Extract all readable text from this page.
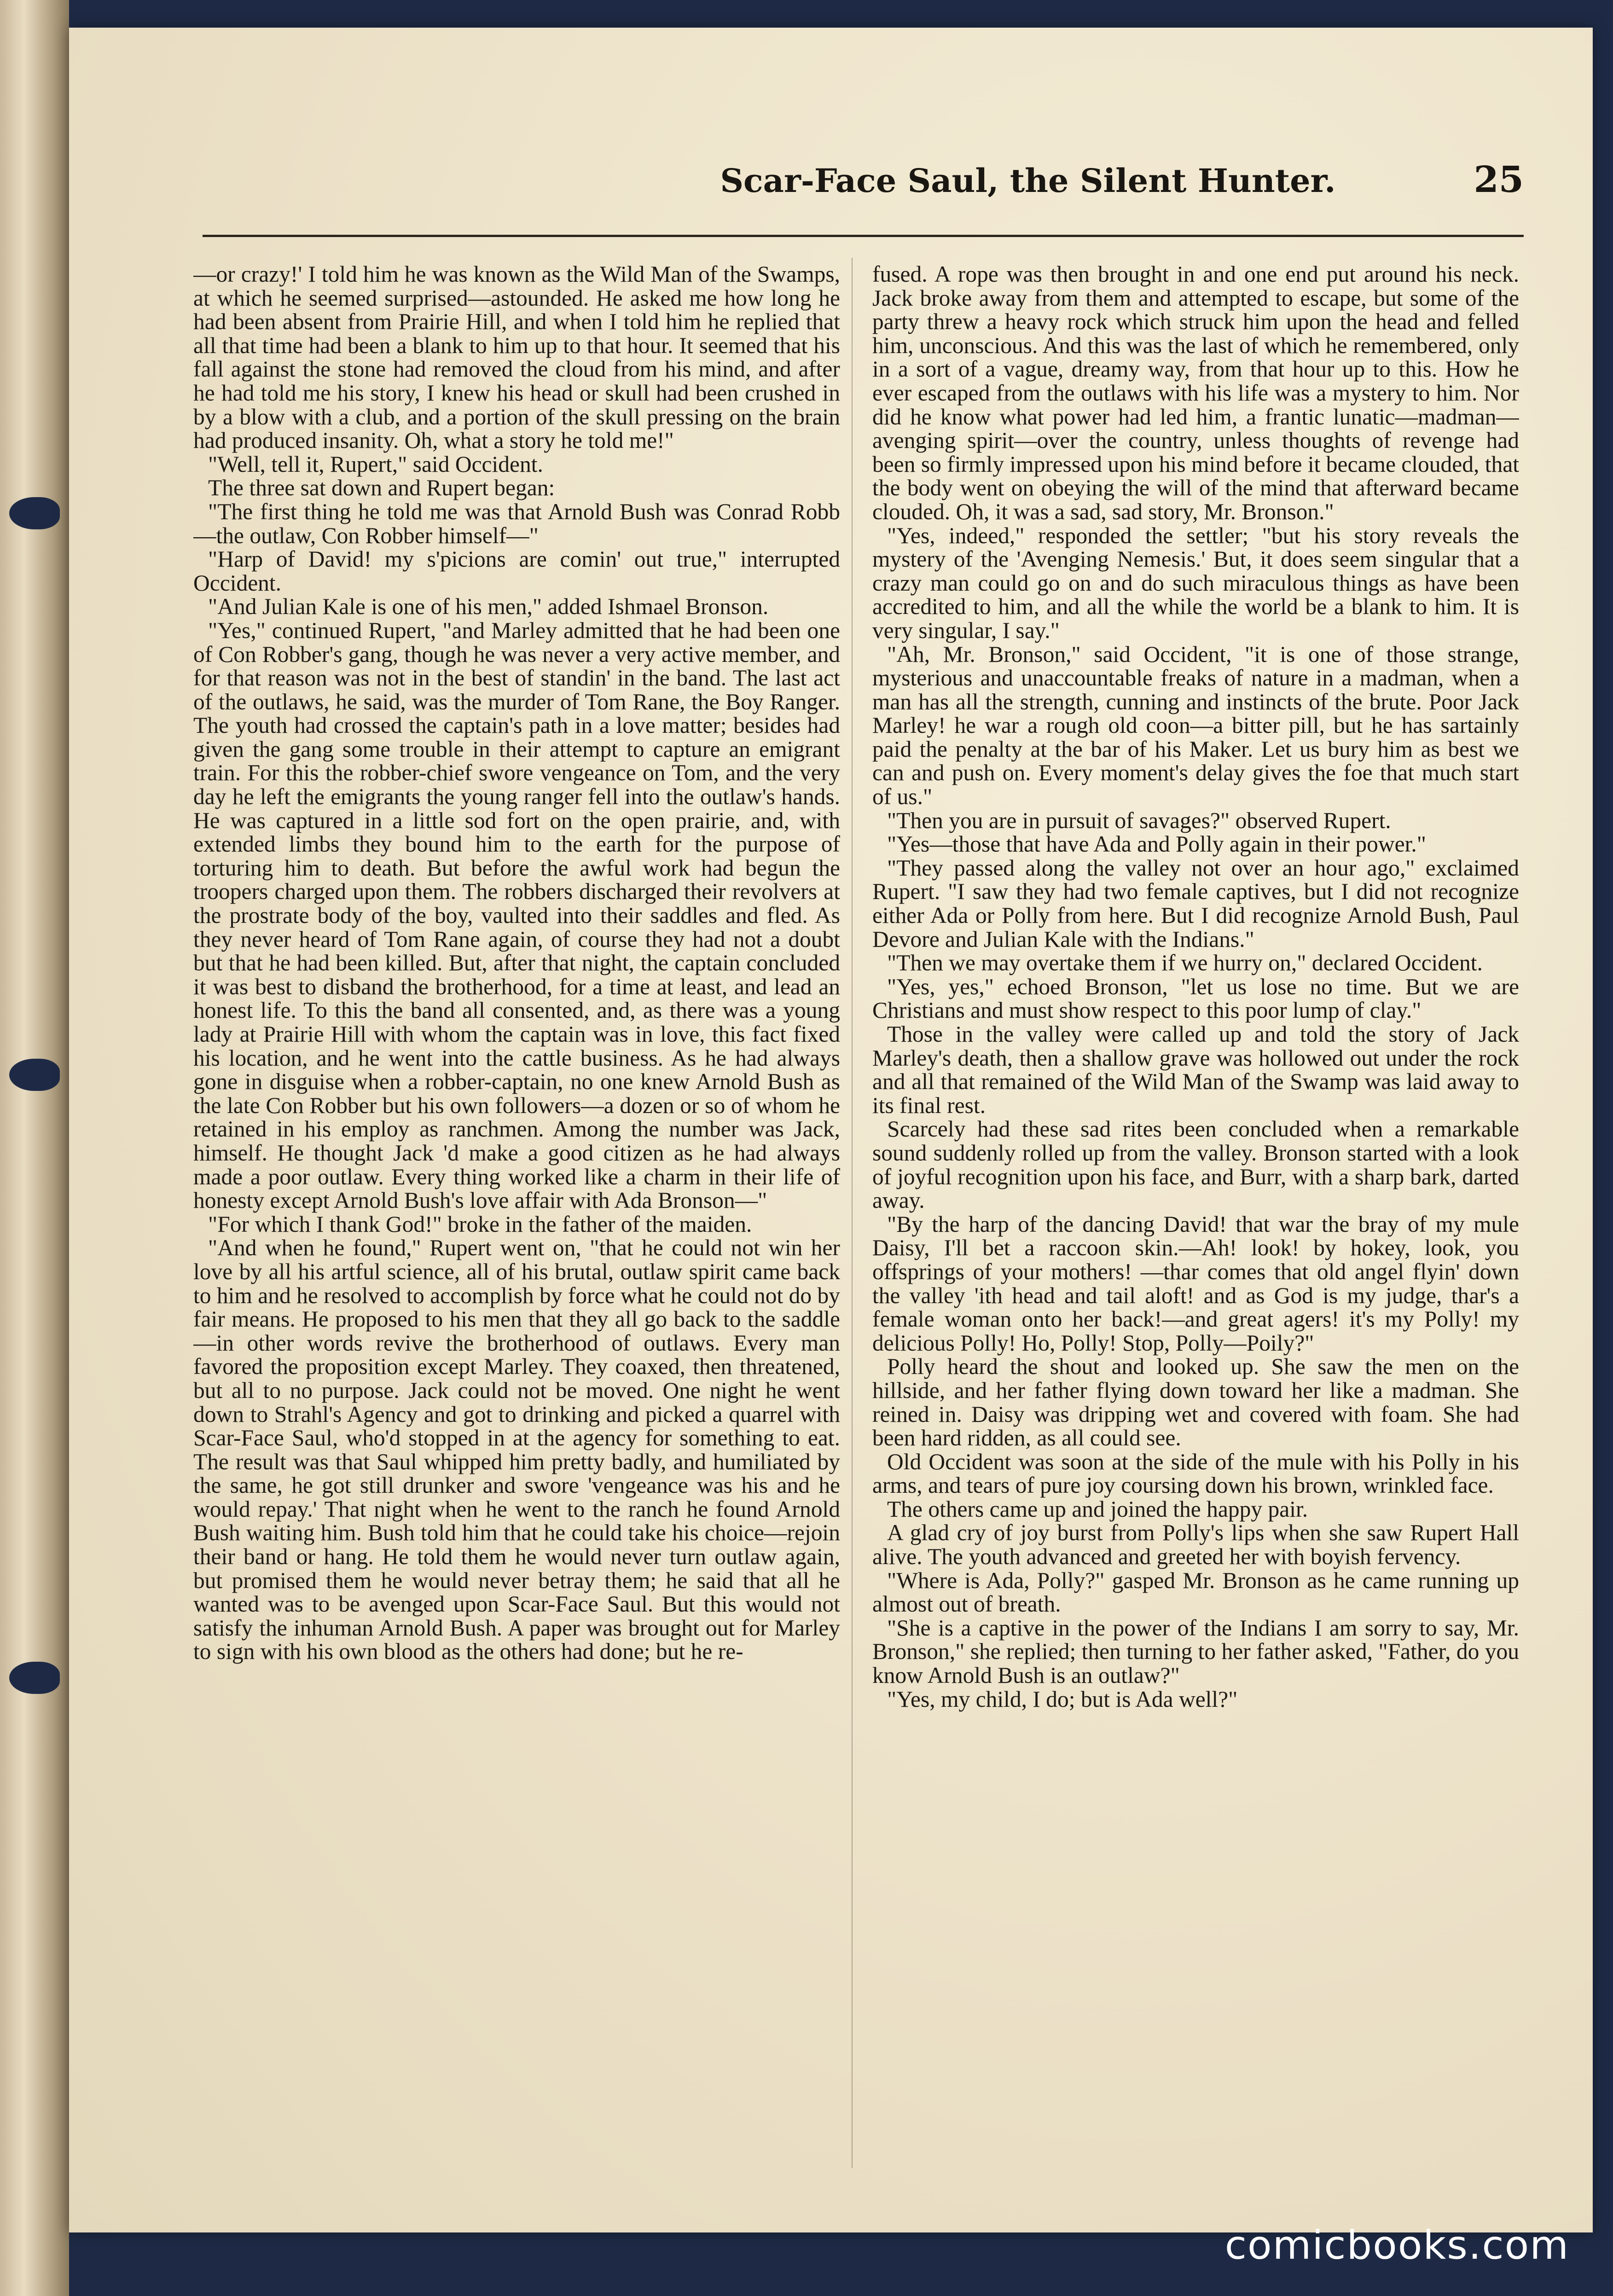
Scar-Face Saul, the Silent Hunter.	25

—or crazy!' I told him he was known as the Wild Man of the Swamps, at which he seemed surprised—astounded. He asked me how long he had been absent from Prairie Hill, and when I told him he replied that all that time had been a blank to him up to that hour. It seemed that his fall against the stone had removed the cloud from his mind, and after he had told me his story, I knew his head or skull had been crushed in by a blow with a club, and a portion of the skull pressing on the brain had produced insanity. Oh, what a story he told me!"

"Well, tell it, Rupert," said Occident.

The three sat down and Rupert began:

"The first thing he told me was that Arnold Bush was Conrad Robb—the outlaw, Con Robber himself—"

"Harp of David! my s'picions are comin' out true," interrupted Occident.

"And Julian Kale is one of his men," added Ishmael Bronson.

"Yes," continued Rupert, "and Marley admitted that he had been one of Con Robber's gang, though he was never a very active member, and for that reason was not in the best of standin' in the band. The last act of the outlaws, he said, was the murder of Tom Rane, the Boy Ranger. The youth had crossed the captain's path in a love matter; besides had given the gang some trouble in their attempt to capture an emigrant train. For this the robber-chief swore vengeance on Tom, and the very day he left the emigrants the young ranger fell into the outlaw's hands. He was captured in a little sod fort on the open prairie, and, with extended limbs they bound him to the earth for the purpose of torturing him to death. But before the awful work had begun the troopers charged upon them. The robbers discharged their revolvers at the prostrate body of the boy, vaulted into their saddles and fled. As they never heard of Tom Rane again, of course they had not a doubt but that he had been killed. But, after that night, the captain concluded it was best to disband the brotherhood, for a time at least, and lead an honest life. To this the band all consented, and, as there was a young lady at Prairie Hill with whom the captain was in love, this fact fixed his location, and he went into the cattle business. As he had always gone in disguise when a robber-captain, no one knew Arnold Bush as the late Con Robber but his own followers—a dozen or so of whom he retained in his employ as ranchmen. Among the number was Jack, himself. He thought Jack 'd make a good citizen as he had always made a poor outlaw. Every thing worked like a charm in their life of honesty except Arnold Bush's love affair with Ada Bronson—"

"For which I thank God!" broke in the father of the maiden.

"And when he found," Rupert went on, "that he could not win her love by all his artful science, all of his brutal, outlaw spirit came back to him and he resolved to accomplish by force what he could not do by fair means. He proposed to his men that they all go back to the saddle—in other words revive the brotherhood of outlaws. Every man favored the proposition except Marley. They coaxed, then threatened, but all to no purpose. Jack could not be moved. One night he went down to Strahl's Agency and got to drinking and picked a quarrel with Scar-Face Saul, who'd stopped in at the agency for something to eat. The result was that Saul whipped him pretty badly, and humiliated by the same, he got still drunker and swore 'vengeance was his and he would repay.' That night when he went to the ranch he found Arnold Bush waiting him. Bush told him that he could take his choice—rejoin their band or hang. He told them he would never turn outlaw again, but promised them he would never betray them; he said that all he wanted was to be avenged upon Scar-Face Saul. But this would not satisfy the inhuman Arnold Bush. A paper was brought out for Marley to sign with his own blood as the others had done; but he re-

fused. A rope was then brought in and one end put around his neck. Jack broke away from them and attempted to escape, but some of the party threw a heavy rock which struck him upon the head and felled him, unconscious. And this was the last of which he remembered, only in a sort of a vague, dreamy way, from that hour up to this. How he ever escaped from the outlaws with his life was a mystery to him. Nor did he know what power had led him, a frantic lunatic—madman—avenging spirit—over the country, unless thoughts of revenge had been so firmly impressed upon his mind before it became clouded, that the body went on obeying the will of the mind that afterward became clouded. Oh, it was a sad, sad story, Mr. Bronson."

"Yes, indeed," responded the settler; "but his story reveals the mystery of the 'Avenging Nemesis.' But, it does seem singular that a crazy man could go on and do such miraculous things as have been accredited to him, and all the while the world be a blank to him. It is very singular, I say."

"Ah, Mr. Bronson," said Occident, "it is one of those strange, mysterious and unaccountable freaks of nature in a madman, when a man has all the strength, cunning and instincts of the brute. Poor Jack Marley! he war a rough old coon—a bitter pill, but he has sartainly paid the penalty at the bar of his Maker. Let us bury him as best we can and push on. Every moment's delay gives the foe that much start of us."

"Then you are in pursuit of savages?" observed Rupert.

"Yes—those that have Ada and Polly again in their power."

"They passed along the valley not over an hour ago," exclaimed Rupert. "I saw they had two female captives, but I did not recognize either Ada or Polly from here. But I did recognize Arnold Bush, Paul Devore and Julian Kale with the Indians."

"Then we may overtake them if we hurry on," declared Occident.

"Yes, yes," echoed Bronson, "let us lose no time. But we are Christians and must show respect to this poor lump of clay."

Those in the valley were called up and told the story of Jack Marley's death, then a shallow grave was hollowed out under the rock and all that remained of the Wild Man of the Swamp was laid away to its final rest.

Scarcely had these sad rites been concluded when a remarkable sound suddenly rolled up from the valley. Bronson started with a look of joyful recognition upon his face, and Burr, with a sharp bark, darted away.

"By the harp of the dancing David! that war the bray of my mule Daisy, I'll bet a raccoon skin.—Ah! look! by hokey, look, you offsprings of your mothers! —thar comes that old angel flyin' down the valley 'ith head and tail aloft! and as God is my judge, thar's a female woman onto her back!—and great agers! it's my Polly! my delicious Polly! Ho, Polly! Stop, Polly—Poily?"

Polly heard the shout and looked up. She saw the men on the hillside, and her father flying down toward her like a madman. She reined in. Daisy was dripping wet and covered with foam. She had been hard ridden, as all could see.

Old Occident was soon at the side of the mule with his Polly in his arms, and tears of pure joy coursing down his brown, wrinkled face.

The others came up and joined the happy pair.

A glad cry of joy burst from Polly's lips when she saw Rupert Hall alive. The youth advanced and greeted her with boyish fervency.

"Where is Ada, Polly?" gasped Mr. Bronson as he came running up almost out of breath.

"She is a captive in the power of the Indians I am sorry to say, Mr. Bronson," she replied; then turning to her father asked, "Father, do you know Arnold Bush is an outlaw?"

"Yes, my child, I do; but is Ada well?"

comicbooks.com
